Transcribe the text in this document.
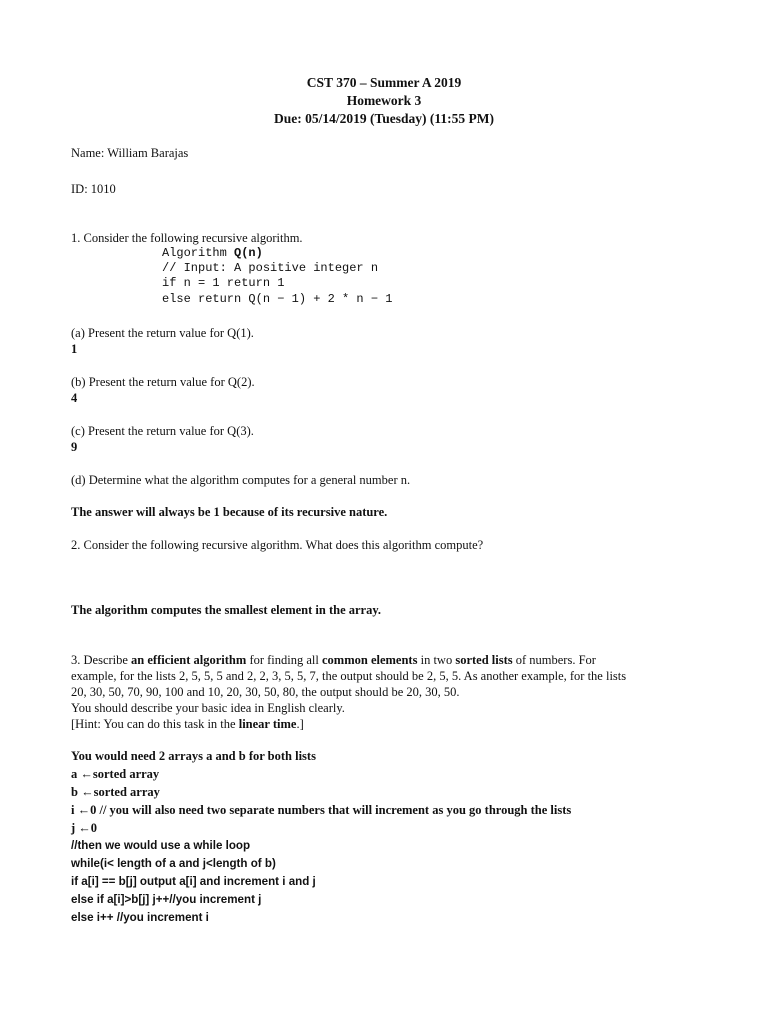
CST 370 – Summer A 2019
Homework 3
Due: 05/14/2019 (Tuesday) (11:55 PM)
Name: William Barajas
ID: 1010
1. Consider the following recursive algorithm.
Algorithm Q(n)
// Input: A positive integer n
if n = 1 return 1
else return Q(n − 1) + 2 * n − 1
(a) Present the return value for Q(1).
1
(b) Present the return value for Q(2).
4
(c) Present the return value for Q(3).
9
(d) Determine what the algorithm computes for a general number n.
The answer will always be 1 because of its recursive nature.
2. Consider the following recursive algorithm. What does this algorithm compute?
The algorithm computes the smallest element in the array.
3. Describe an efficient algorithm for finding all common elements in two sorted lists of numbers. For
example, for the lists 2, 5, 5, 5 and 2, 2, 3, 5, 5, 7, the output should be 2, 5, 5. As another example, for the lists
20, 30, 50, 70, 90, 100 and 10, 20, 30, 50, 80, the output should be 20, 30, 50.
You should describe your basic idea in English clearly.
[Hint: You can do this task in the linear time.]
You would need 2 arrays a and b for both lists
a ←sorted array
b ←sorted array
i ←0 // you will also need two separate numbers that will increment as you go through the lists
j ←0
//then we would use a while loop
while(i< length of a and j<length of b)
if a[i] == b[j] output a[i] and increment i and j
else if a[i]>b[j] j++//you increment j
else i++ //you increment i
